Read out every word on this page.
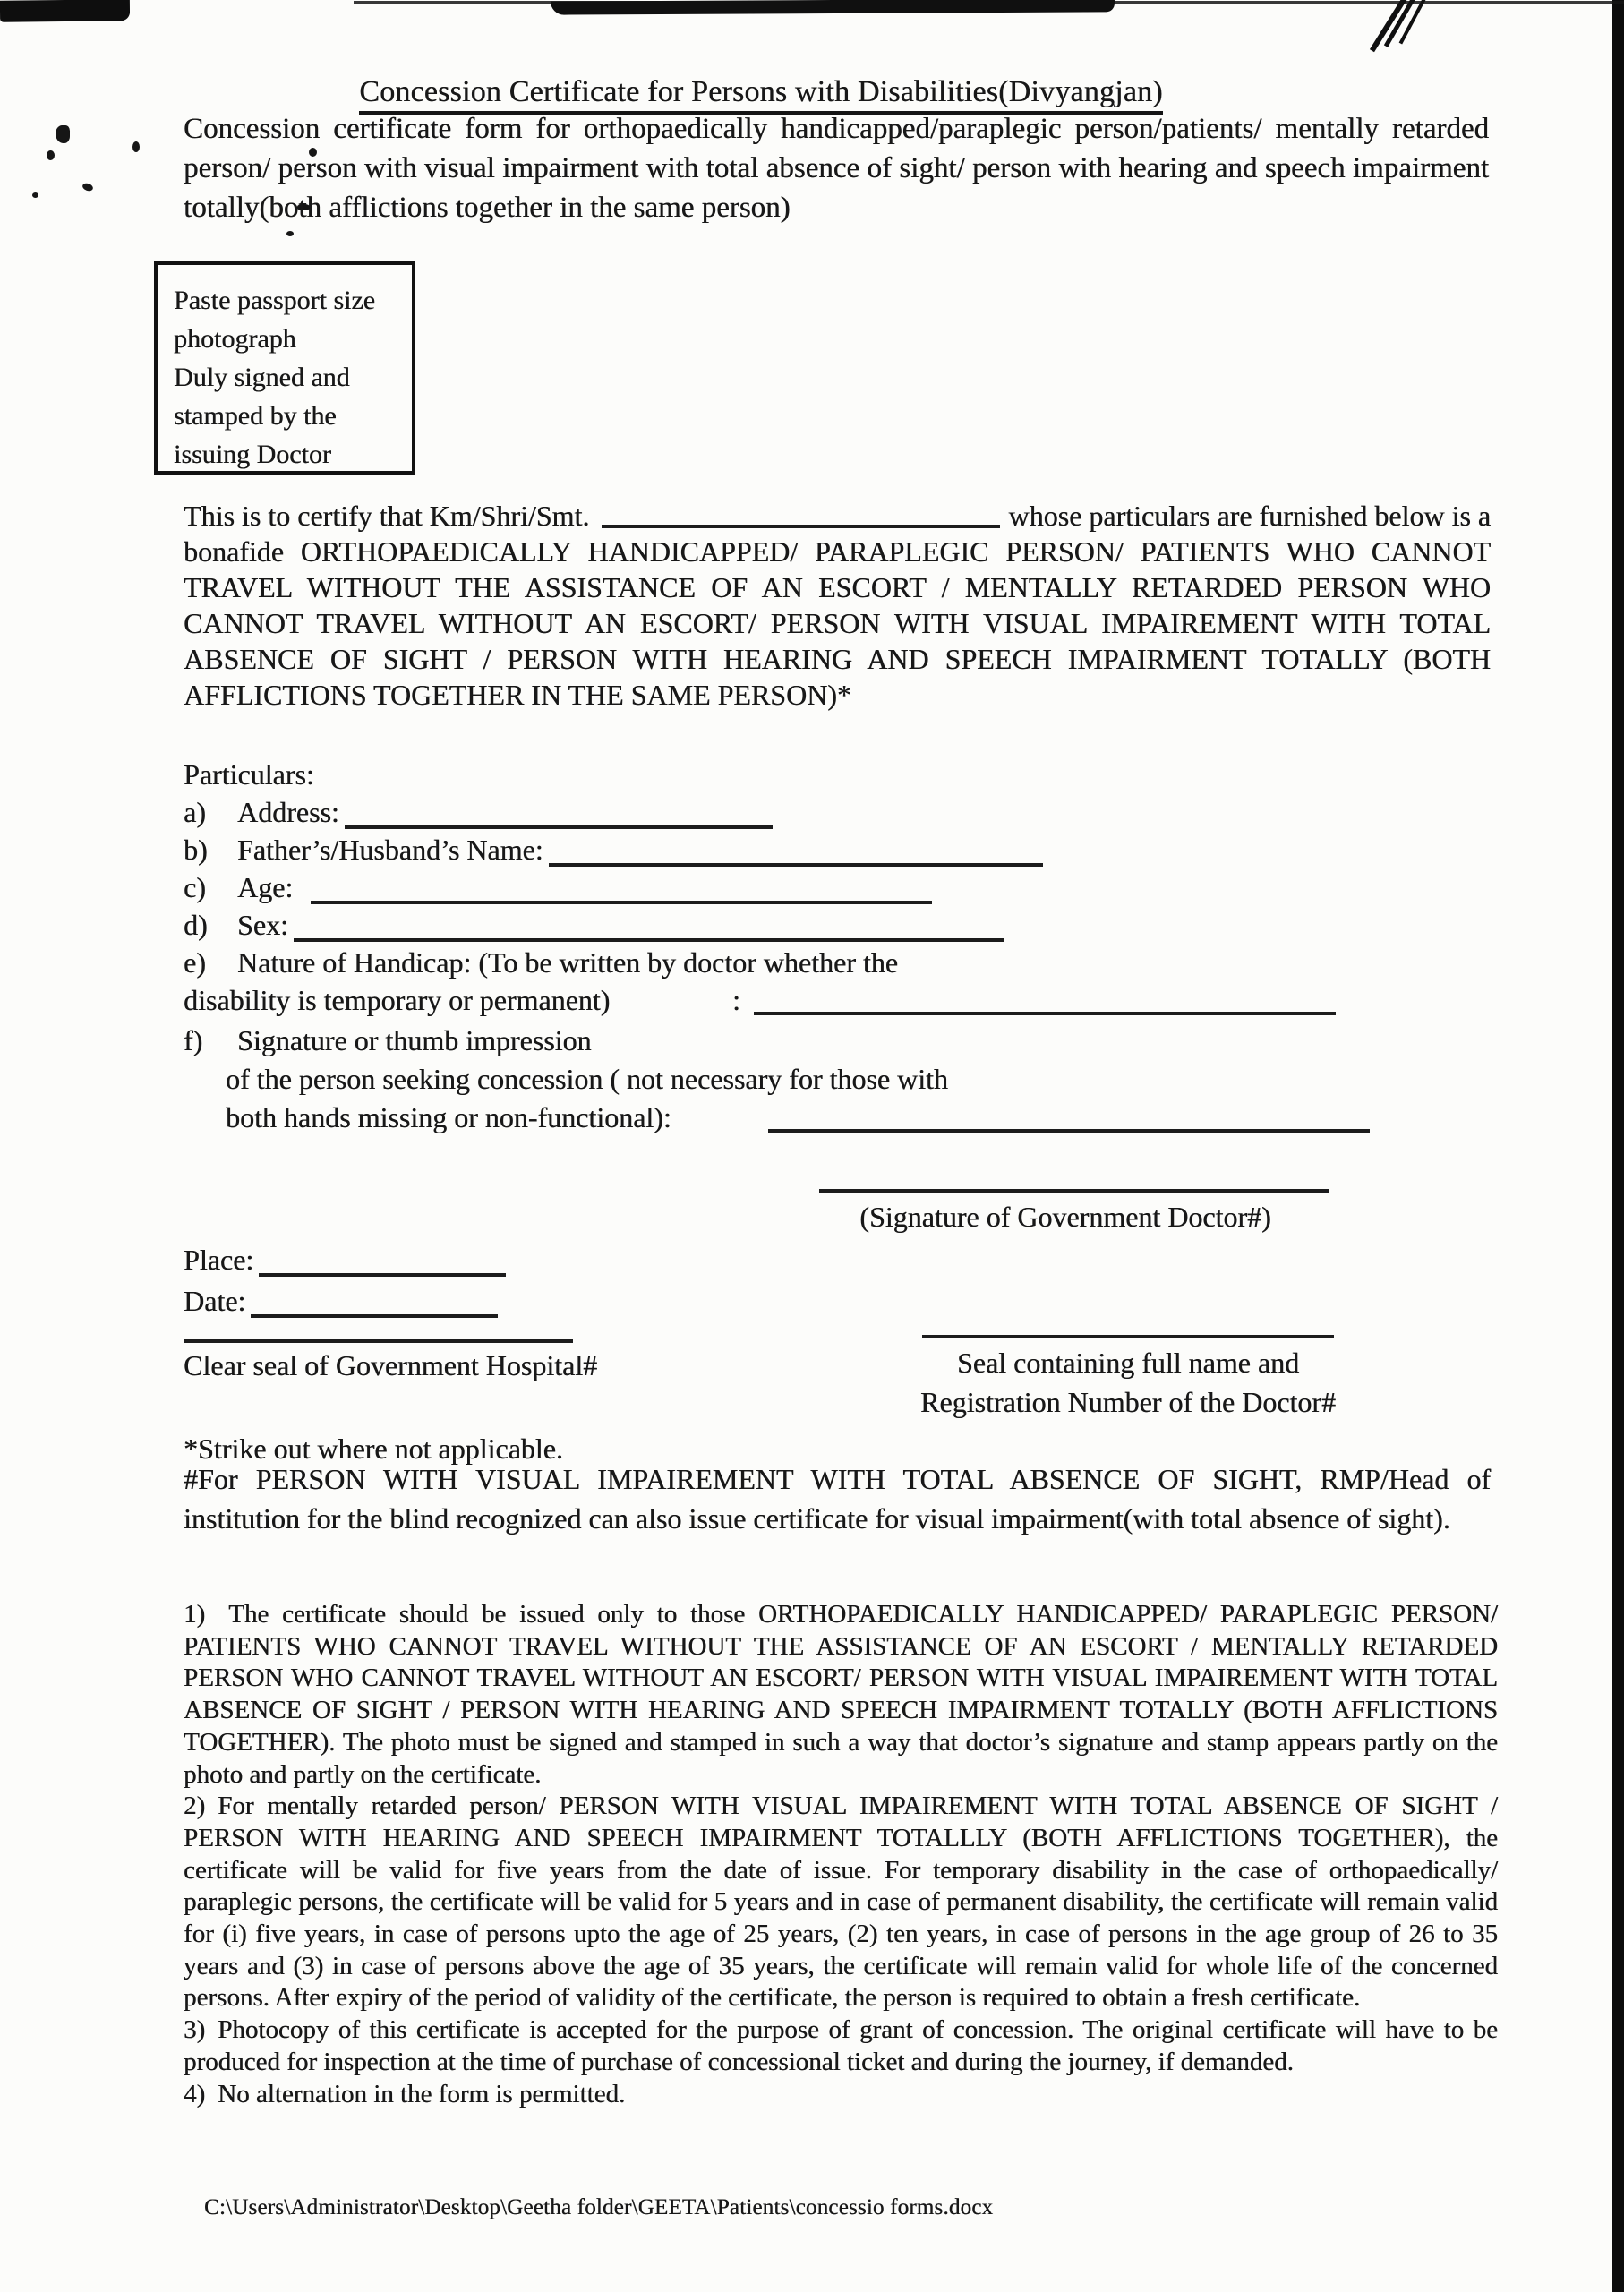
Concession Certificate for Persons with Disabilities(Divyangjan)

Concession certificate form for orthopaedically handicapped/paraplegic person/patients/ mentally retarded person/ person with visual impairment with total absence of sight/ person with hearing and speech impairment totally(both afflictions together in the same person)

Paste passport size
photograph
Duly signed and
stamped by the
issuing Doctor
This is to certify that Km/Shri/Smt.	whose particulars are furnished below is a
bonafide ORTHOPAEDICALLY HANDICAPPED/ PARAPLEGIC PERSON/ PATIENTS WHO CANNOT TRAVEL WITHOUT THE ASSISTANCE OF AN ESCORT / MENTALLY RETARDED PERSON WHO CANNOT TRAVEL WITHOUT AN ESCORT/ PERSON WITH VISUAL IMPAIREMENT WITH TOTAL ABSENCE OF SIGHT / PERSON WITH HEARING AND SPEECH IMPAIRMENT TOTALLY (BOTH AFFLICTIONS TOGETHER IN THE SAME PERSON)*
Particulars:
a) Address:
b) Father’s/Husband’s Name:
c) Age:
d) Sex:
e) Nature of Handicap: (To be written by doctor whether the
disability is temporary or permanent)	:
f) Signature or thumb impression
of the person seeking concession ( not necessary for those with
both hands missing or non-functional):
(Signature of Government Doctor#)
Place:
Date:
Clear seal of Government Hospital#	Seal containing full name and
Registration Number of the Doctor#

*Strike out where not applicable.

#For PERSON WITH VISUAL IMPAIREMENT WITH TOTAL ABSENCE OF SIGHT, RMP/Head of institution for the blind recognized can also issue certificate for visual impairment(with total absence of sight).

1) The certificate should be issued only to those ORTHOPAEDICALLY HANDICAPPED/ PARAPLEGIC PERSON/ PATIENTS WHO CANNOT TRAVEL WITHOUT THE ASSISTANCE OF AN ESCORT / MENTALLY RETARDED PERSON WHO CANNOT TRAVEL WITHOUT AN ESCORT/ PERSON WITH VISUAL IMPAIREMENT WITH TOTAL ABSENCE OF SIGHT / PERSON WITH HEARING AND SPEECH IMPAIRMENT TOTALLY (BOTH AFFLICTIONS TOGETHER). The photo must be signed and stamped in such a way that doctor’s signature and stamp appears partly on the photo and partly on the certificate.

2) For mentally retarded person/ PERSON WITH VISUAL IMPAIREMENT WITH TOTAL ABSENCE OF SIGHT / PERSON WITH HEARING AND SPEECH IMPAIRMENT TOTALLLY (BOTH AFFLICTIONS TOGETHER), the certificate will be valid for five years from the date of issue. For temporary disability in the case of orthopaedically/ paraplegic persons, the certificate will be valid for 5 years and in case of permanent disability, the certificate will remain valid for (i) five years, in case of persons upto the age of 25 years, (2) ten years, in case of persons in the age group of 26 to 35 years and (3) in case of persons above the age of 35 years, the certificate will remain valid for whole life of the concerned persons. After expiry of the period of validity of the certificate, the person is required to obtain a fresh certificate.

3) Photocopy of this certificate is accepted for the purpose of grant of concession. The original certificate will have to be produced for inspection at the time of purchase of concessional ticket and during the journey, if demanded.

4) No alternation in the form is permitted.

C:\Users\Administrator\Desktop\Geetha folder\GEETA\Patients\concessio forms.docx
